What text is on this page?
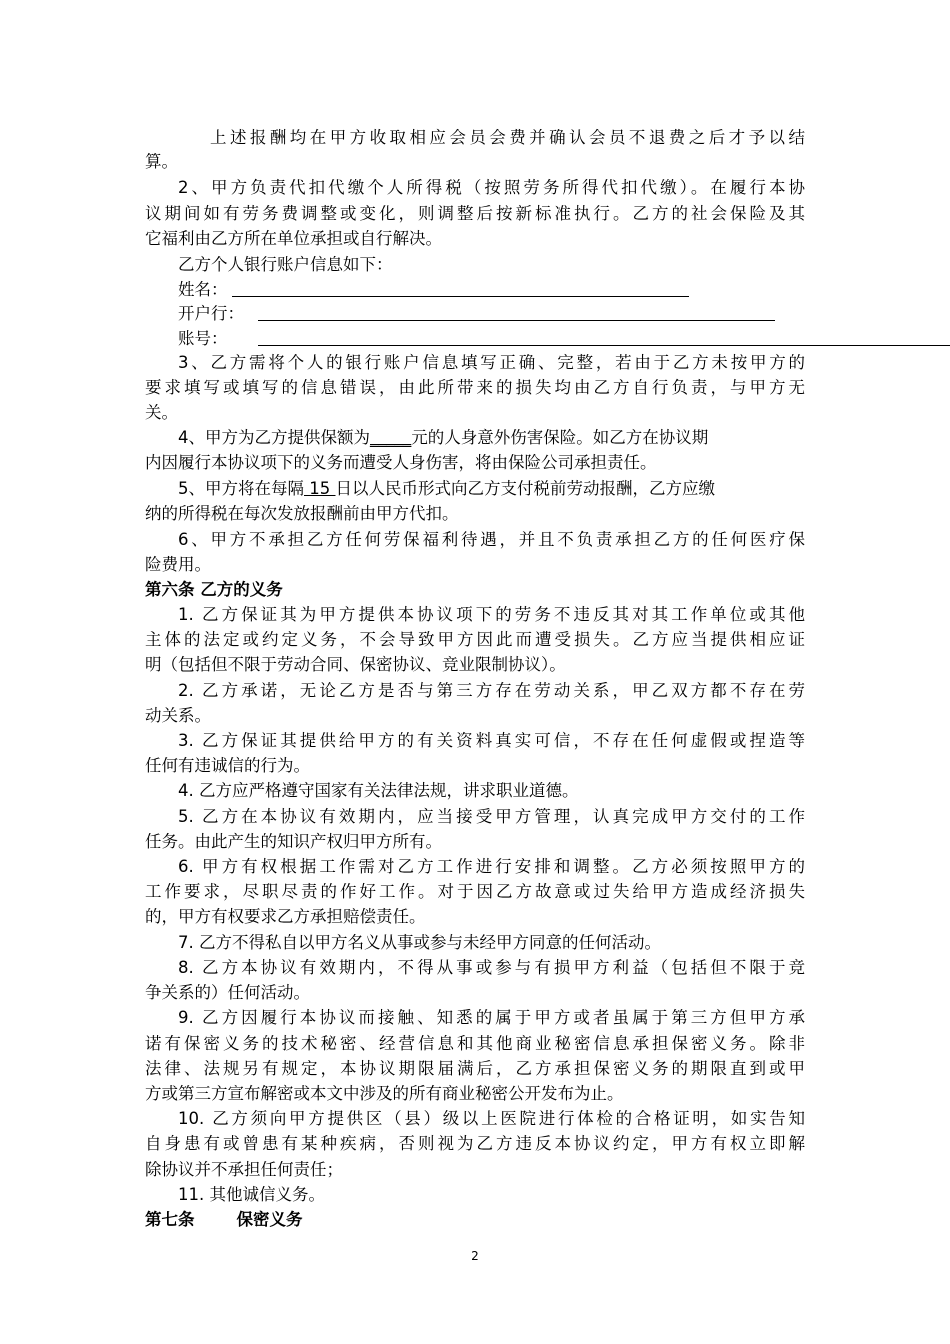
上述报酬均在甲方收取相应会员会费并确认会员不退费之后才予以结
算。
2、甲方负责代扣代缴个人所得税（按照劳务所得代扣代缴）。在履行本协
议期间如有劳务费调整或变化，则调整后按新标准执行。乙方的社会保险及其
它福利由乙方所在单位承担或自行解决。
乙方个人银行账户信息如下：
姓名：
开户行：
账号：
3、乙方需将个人的银行账户信息填写正确、完整，若由于乙方未按甲方的
要求填写或填写的信息错误，由此所带来的损失均由乙方自行负责，与甲方无
关。
4、甲方为乙方提供保额为_____元的人身意外伤害保险。如乙方在协议期
内因履行本协议项下的义务而遭受人身伤害，将由保险公司承担责任。
5、甲方将在每隔 15 日以人民币形式向乙方支付税前劳动报酬，乙方应缴
纳的所得税在每次发放报酬前由甲方代扣。
6、甲方不承担乙方任何劳保福利待遇，并且不负责承担乙方的任何医疗保
险费用。
第六条 乙方的义务
1. 乙方保证其为甲方提供本协议项下的劳务不违反其对其工作单位或其他
主体的法定或约定义务，不会导致甲方因此而遭受损失。乙方应当提供相应证
明（包括但不限于劳动合同、保密协议、竞业限制协议）。
2. 乙方承诺，无论乙方是否与第三方存在劳动关系，甲乙双方都不存在劳
动关系。
3. 乙方保证其提供给甲方的有关资料真实可信，不存在任何虚假或捏造等
任何有违诚信的行为。
4. 乙方应严格遵守国家有关法律法规，讲求职业道德。
5. 乙方在本协议有效期内，应当接受甲方管理，认真完成甲方交付的工作
任务。由此产生的知识产权归甲方所有。
6. 甲方有权根据工作需对乙方工作进行安排和调整。乙方必须按照甲方的
工作要求，尽职尽责的作好工作。对于因乙方故意或过失给甲方造成经济损失
的，甲方有权要求乙方承担赔偿责任。
7. 乙方不得私自以甲方名义从事或参与未经甲方同意的任何活动。
8. 乙方本协议有效期内，不得从事或参与有损甲方利益（包括但不限于竞
争关系的）任何活动。
9. 乙方因履行本协议而接触、知悉的属于甲方或者虽属于第三方但甲方承
诺有保密义务的技术秘密、经营信息和其他商业秘密信息承担保密义务。除非
法律、法规另有规定，本协议期限届满后，乙方承担保密义务的期限直到或甲
方或第三方宣布解密或本文中涉及的所有商业秘密公开发布为止。
10. 乙方须向甲方提供区（县）级以上医院进行体检的合格证明，如实告知
自身患有或曾患有某种疾病，否则视为乙方违反本协议约定，甲方有权立即解
除协议并不承担任何责任；
11. 其他诚信义务。
第七条	保密义务
2
